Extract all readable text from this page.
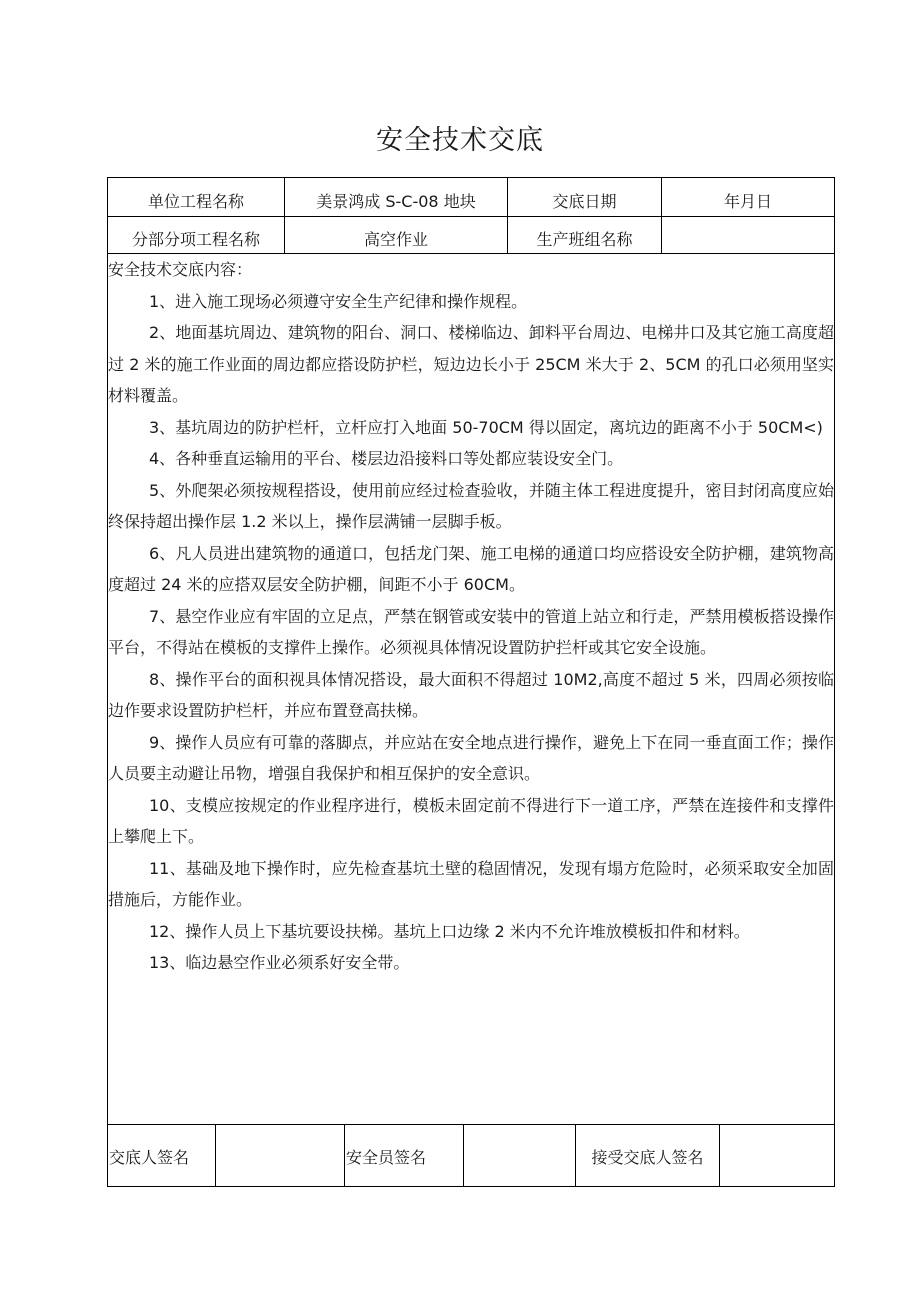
安全技术交底
单位工程名称	美景鸿成 S-C-08 地块	交底日期	年月日
分部分项工程名称	高空作业	生产班组名称

安全技术交底内容：

1、进入施工现场必须遵守安全生产纪律和操作规程。

2、地面基坑周边、建筑物的阳台、洞口、楼梯临边、卸料平台周边、电梯井口及其它施工高度超过 2 米的施工作业面的周边都应搭设防护栏，短边边长小于 25CM 米大于 2、5CM 的孔口必须用坚实材料覆盖。

3、基坑周边的防护栏杆，立杆应打入地面 50-70CM 得以固定，离坑边的距离不小于 50CM<)

4、各种垂直运输用的平台、楼层边沿接料口等处都应装设安全门。

5、外爬架必须按规程搭设，使用前应经过检查验收，并随主体工程进度提升，密目封闭高度应始终保持超出操作层 1.2 米以上，操作层满铺一层脚手板。

6、凡人员进出建筑物的通道口，包括龙门架、施工电梯的通道口均应搭设安全防护棚，建筑物高度超过 24 米的应搭双层安全防护棚，间距不小于 60CM。

7、悬空作业应有牢固的立足点，严禁在钢管或安装中的管道上站立和行走，严禁用模板搭设操作平台，不得站在模板的支撑件上操作。必须视具体情况设置防护拦杆或其它安全设施。

8、操作平台的面积视具体情况搭设，最大面积不得超过 10M2,高度不超过 5 米，四周必须按临边作要求设置防护栏杆，并应布置登高扶梯。

9、操作人员应有可靠的落脚点，并应站在安全地点进行操作，避免上下在同一垂直面工作；操作人员要主动避让吊物，增强自我保护和相互保护的安全意识。

10、支模应按规定的作业程序进行，模板未固定前不得进行下一道工序，严禁在连接件和支撑件上攀爬上下。

11、基础及地下操作时，应先检查基坑土壁的稳固情况，发现有塌方危险时，必须采取安全加固措施后，方能作业。

12、操作人员上下基坑要设扶梯。基坑上口边缘 2 米内不允许堆放模板扣件和材料。

13、临边悬空作业必须系好安全带。

交底人签名	安全员签名	接受交底人签名
